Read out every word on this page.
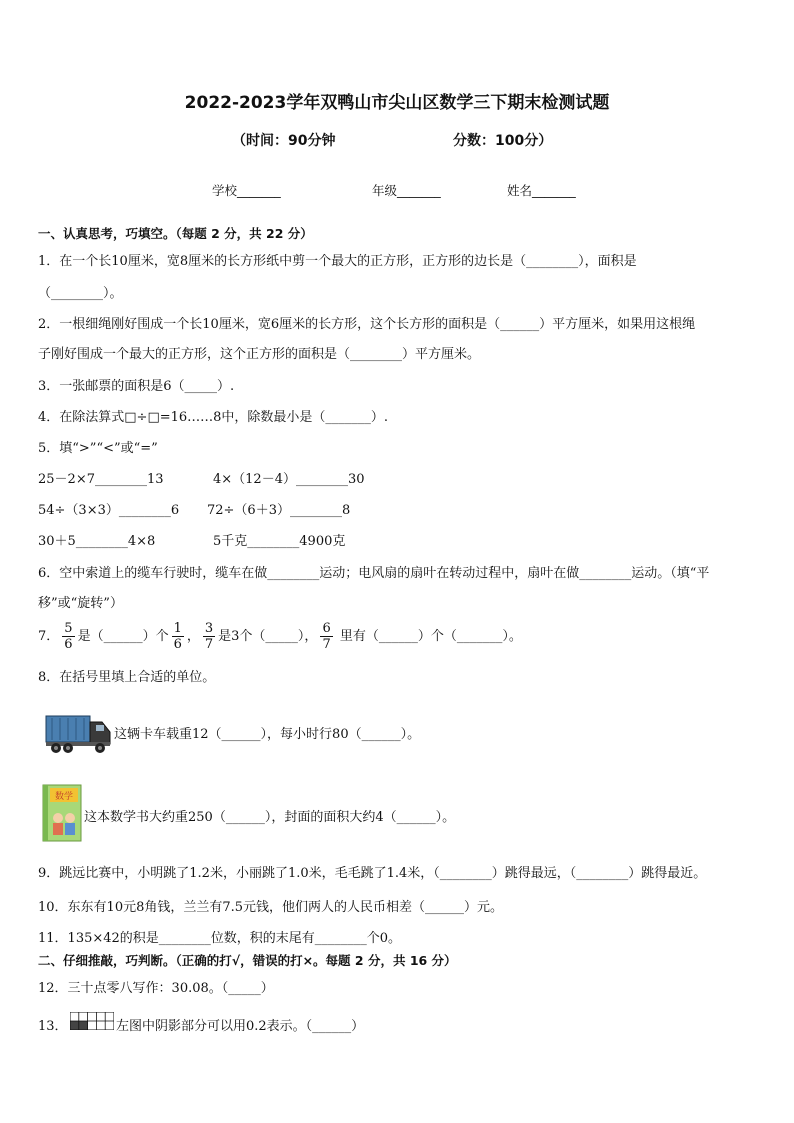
2022-2023学年双鸭山市尖山区数学三下期末检测试题
（时间：90分钟	分数：100分）
学校_______	年级_______	姓名_______
一、认真思考，巧填空。（每题 2 分，共 22 分）
1．在一个长10厘米，宽8厘米的长方形纸中剪一个最大的正方形，正方形的边长是（________），面积是
（________）。
2．一根细绳刚好围成一个长10厘米，宽6厘米的长方形，这个长方形的面积是（______）平方厘米，如果用这根绳
子刚好围成一个最大的正方形，这个正方形的面积是（________）平方厘米。
3．一张邮票的面积是6（_____）.
4．在除法算式□÷□=16……8中，除数最小是（_______）.
5．填“>”“<”或“=”
25－2×7________13	4×（12－4）________30
54÷（3×3）________6 72÷（6＋3）________8
30＋5________4×8	5千克________4900克
6．空中索道上的缆车行驶时，缆车在做________运动；电风扇的扇叶在转动过程中，扇叶在做________运动。（填“平
移”或“旋转”）
7． $\frac{5}{6}$ 是（______）个 $\frac{1}{6}$ ， $\frac{3}{7}$ 是3个（_____）， $\frac{6}{7}$ 里有（______）个（_______）。
8．在括号里填上合适的单位。
这辆卡车载重12（______），每小时行80（______）。
数学
这本数学书大约重250（______），封面的面积大约4（______）。
9．跳远比赛中，小明跳了1.2米，小丽跳了1.0米，毛毛跳了1.4米，（________）跳得最远，（________）跳得最近。
10．东东有10元8角钱，兰兰有7.5元钱，他们两人的人民币相差（______）元。
11．135×42的积是________位数，积的末尾有________个0。
二、仔细推敲，巧判断。（正确的打√，错误的打×。每题 2 分，共 16 分）
12．三十点零八写作：30.08。（_____）
13．	左图中阴影部分可以用0.2表示。（______）
